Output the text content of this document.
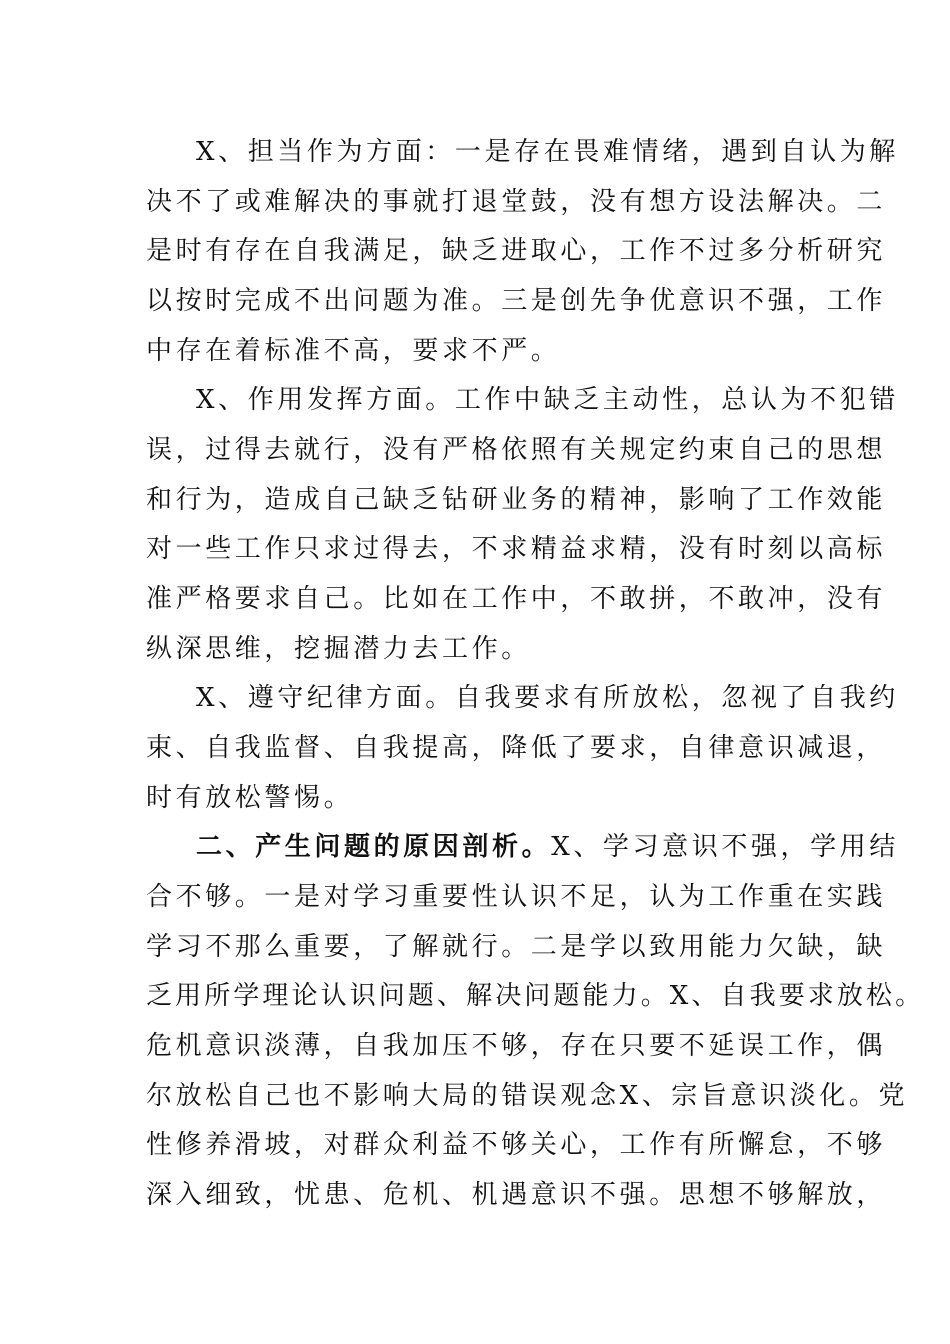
X、担当作为方面：一是存在畏难情绪，遇到自认为解
决不了或难解决的事就打退堂鼓，没有想方设法解决。二
是时有存在自我满足，缺乏进取心，工作不过多分析研究
以按时完成不出问题为准。三是创先争优意识不强，工作
中存在着标准不高，要求不严。
X、作用发挥方面。工作中缺乏主动性，总认为不犯错
误，过得去就行，没有严格依照有关规定约束自己的思想
和行为，造成自己缺乏钻研业务的精神，影响了工作效能
对一些工作只求过得去，不求精益求精，没有时刻以高标
准严格要求自己。比如在工作中，不敢拼，不敢冲，没有
纵深思维，挖掘潜力去工作。
X、遵守纪律方面。自我要求有所放松，忽视了自我约
束、自我监督、自我提高，降低了要求，自律意识减退，
时有放松警惕。
二、产生问题的原因剖析。X、学习意识不强，学用结
合不够。一是对学习重要性认识不足，认为工作重在实践
学习不那么重要，了解就行。二是学以致用能力欠缺，缺
乏用所学理论认识问题、解决问题能力。X、自我要求放松。
危机意识淡薄，自我加压不够，存在只要不延误工作，偶
尔放松自己也不影响大局的错误观念X、宗旨意识淡化。党
性修养滑坡，对群众利益不够关心，工作有所懈怠，不够
深入细致，忧患、危机、机遇意识不强。思想不够解放，
